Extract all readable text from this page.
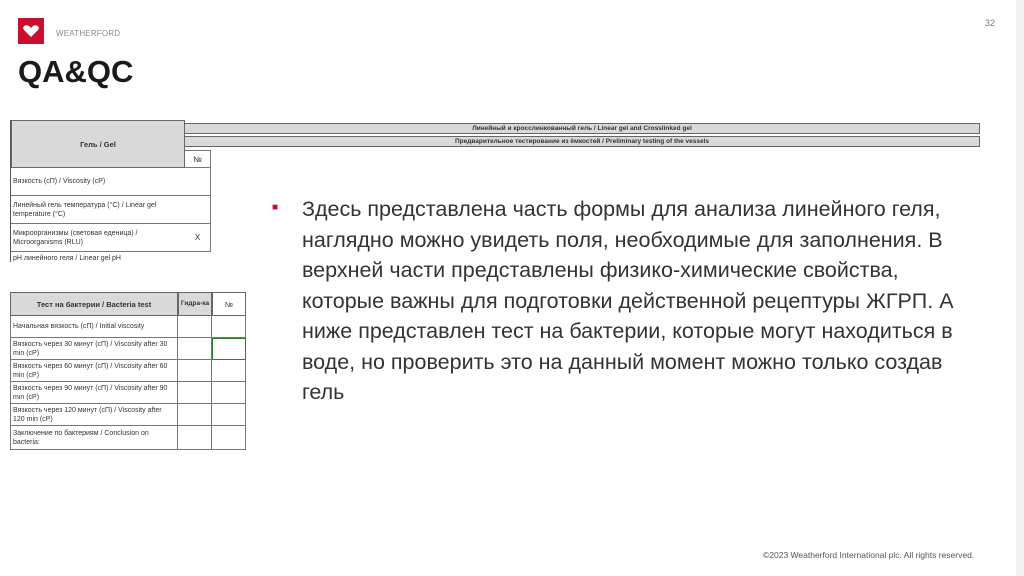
WEATHERFORD
32
QA&QC
Гель / Gel
№
Вязкость (сП) / Viscosity (cP)
Линейный гель температура (°C) / Linear gel temperature (°C)
Микроорганизмы (световая еденица) / Microorganisms (RLU)	X
pH линейного геля / Linear gel pH
Линейный и кросслинкованный гель / Linear gel and Crosslinked gel
Предварительное тестирование из ёмкостей / Preliminary testing of the vessels
Тест на бактерии / Bacteria test	Гидра-ка	№
Начальная вязкость (сП) / Initial viscosity
Вязкость через 30 минут (сП) / Viscosity after 30 min (cP)
Вязкость через 60 минут (сП) / Viscosity after 60 min (cP)
Вязкость через 90 минут (сП) / Viscosity after 90 min (cP)
Вязкость через 120 минут (сП) / Viscosity after 120 min (cP)
Заключение по бактериям / Conclusion on bacteria:
■ Здесь представлена часть формы для анализа линейного геля, наглядно можно увидеть поля, необходимые для заполнения. В верхней части представлены физико-химические свойства, которые важны для подготовки действенной рецептуры ЖГРП. А ниже представлен тест на бактерии, которые могут находиться в воде, но проверить это на данный момент можно только создав гель
©2023 Weatherford International plc. All rights reserved.
